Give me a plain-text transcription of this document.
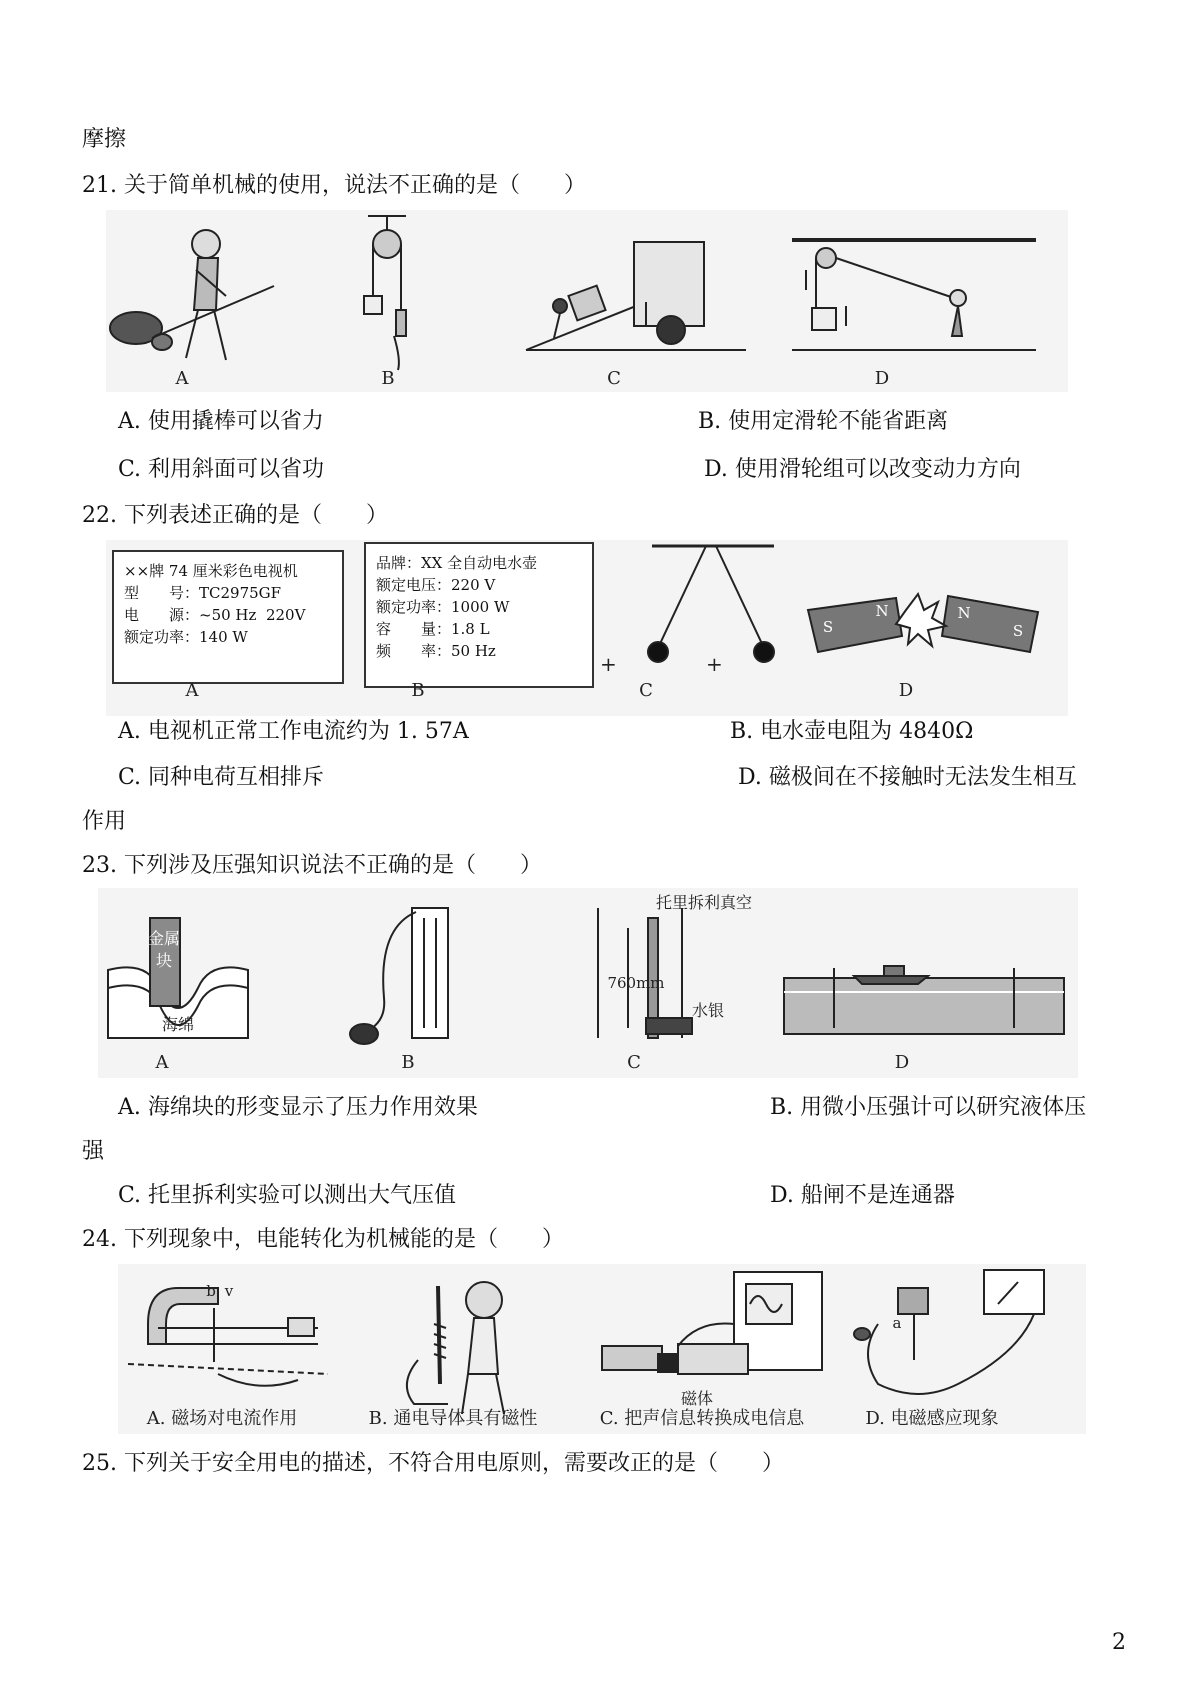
摩擦
21. 关于简单机械的使用，说法不正确的是（　　）
A	B	C	D
A. 使用撬棒可以省力	B. 使用定滑轮不能省距离
C. 利用斜面可以省功	D. 使用滑轮组可以改变动力方向
22. 下列表述正确的是（　　）
××牌 74 厘米彩色电视机
型　　号：TC2975GF
电　　源：~50 Hz  220V
额定功率：140 W
品牌：XX 全自动电水壶
额定电压：220 V
额定功率：1000 W
容　　量：1.8 L
频　　率：50 Hz
+	+
S
N	N
S
A	B	C	D
A. 电视机正常工作电流约为 1. 57A	B. 电水壶电阻为 4840Ω
C. 同种电荷互相排斥	D. 磁极间在不接触时无法发生相互
作用
23. 下列涉及压强知识说法不正确的是（　　）
金属块
海绵
托里拆利真空
760mm
水银
A	B	C	D
A. 海绵块的形变显示了压力作用效果	B. 用微小压强计可以研究液体压
强
C. 托里拆利实验可以测出大气压值	D. 船闸不是连通器
24. 下列现象中，电能转化为机械能的是（　　）
b v
磁体
a
A. 磁场对电流作用	B. 通电导体具有磁性	C. 把声信息转换成电信息	D. 电磁感应现象
25. 下列关于安全用电的描述，不符合用电原则，需要改正的是（　　）
2
